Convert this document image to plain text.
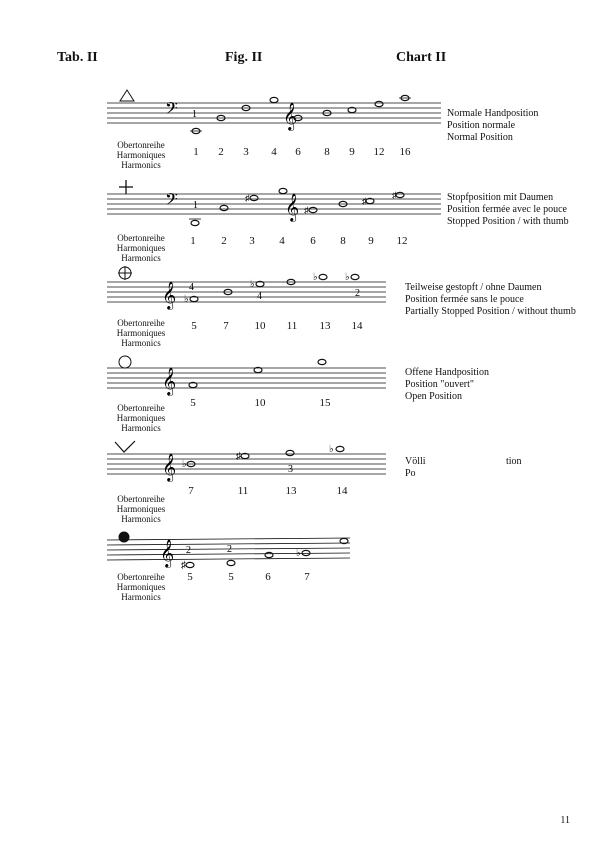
Tab. II	Fig. II	Chart II
𝄢	𝄞
1
Obertonreihe
Harmoniques
Harmonics
1 2 3 4 6 8 9 12 16
Normale Handposition
Position normale
Normal Position
𝄢	𝄞
♯
♯
♯
♯
1
Obertonreihe
Harmoniques
Harmonics
1 2 3 4 6 8 9 12
Stopfposition mit Daumen
Position fermée avec le pouce
Stopped Position / with thumb
𝄞 ♭
♭
♭	♭
4
4	2
Obertonreihe
Harmoniques
Harmonics
5 7 10 11 13 14
Teilweise gestopft / ohne Daumen
Position fermée sans le pouce
Partially Stopped Position / without thumb
𝄞
Obertonreihe
Harmoniques
Harmonics
5	10	15
Offene Handposition
Position "ouvert"
Open Position
𝄞 ♭
♯
♭
3
Obertonreihe
Harmoniques
Harmonics
7	11	13	14
Völli	tion
Po
𝄞 ♯
♭
2	2
Obertonreihe
Harmoniques
Harmonics
5	5	6	7
11
